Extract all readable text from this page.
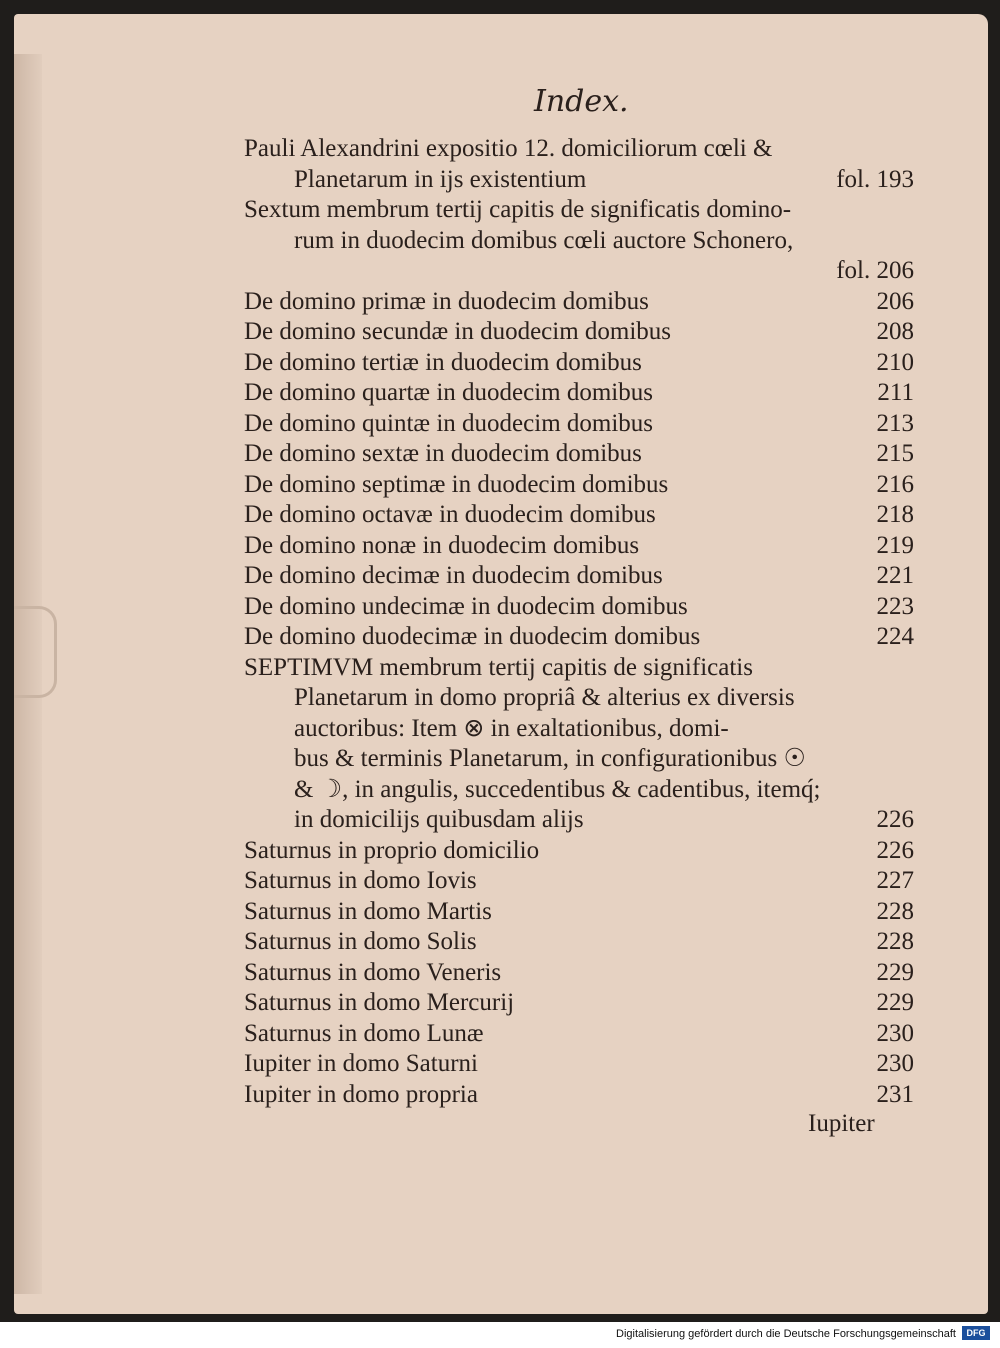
Index.
Pauli Alexandrini expositio 12. domiciliorum cœli &
Planetarum in ijs existentium	fol. 193
Sextum membrum tertij capitis de significatis domino-
rum in duodecim domibus cœli auctore Schonero,
fol. 206
De domino primæ in duodecim domibus	206
De domino secundæ in duodecim domibus	208
De domino tertiæ in duodecim domibus	210
De domino quartæ in duodecim domibus	211
De domino quintæ in duodecim domibus	213
De domino sextæ in duodecim domibus	215
De domino septimæ in duodecim domibus	216
De domino octavæ in duodecim domibus	218
De domino nonæ in duodecim domibus	219
De domino decimæ in duodecim domibus	221
De domino undecimæ in duodecim domibus	223
De domino duodecimæ in duodecim domibus	224
SEPTIMVM membrum tertij capitis de significatis
Planetarum in domo propriâ & alterius ex diversis
auctoribus: Item ⊗ in exaltationibus, domi-
bus & terminis Planetarum, in configurationibus ☉
& ☽, in angulis, succedentibus & cadentibus, itemq́;
in domicilijs quibusdam alijs	226
Saturnus in proprio domicilio	226
Saturnus in domo Iovis	227
Saturnus in domo Martis	228
Saturnus in domo Solis	228
Saturnus in domo Veneris	229
Saturnus in domo Mercurij	229
Saturnus in domo Lunæ	230
Iupiter in domo Saturni	230
Iupiter in domo propria	231
Iupiter
Digitalisierung gefördert durch die Deutsche Forschungsgemeinschaft	DFG
